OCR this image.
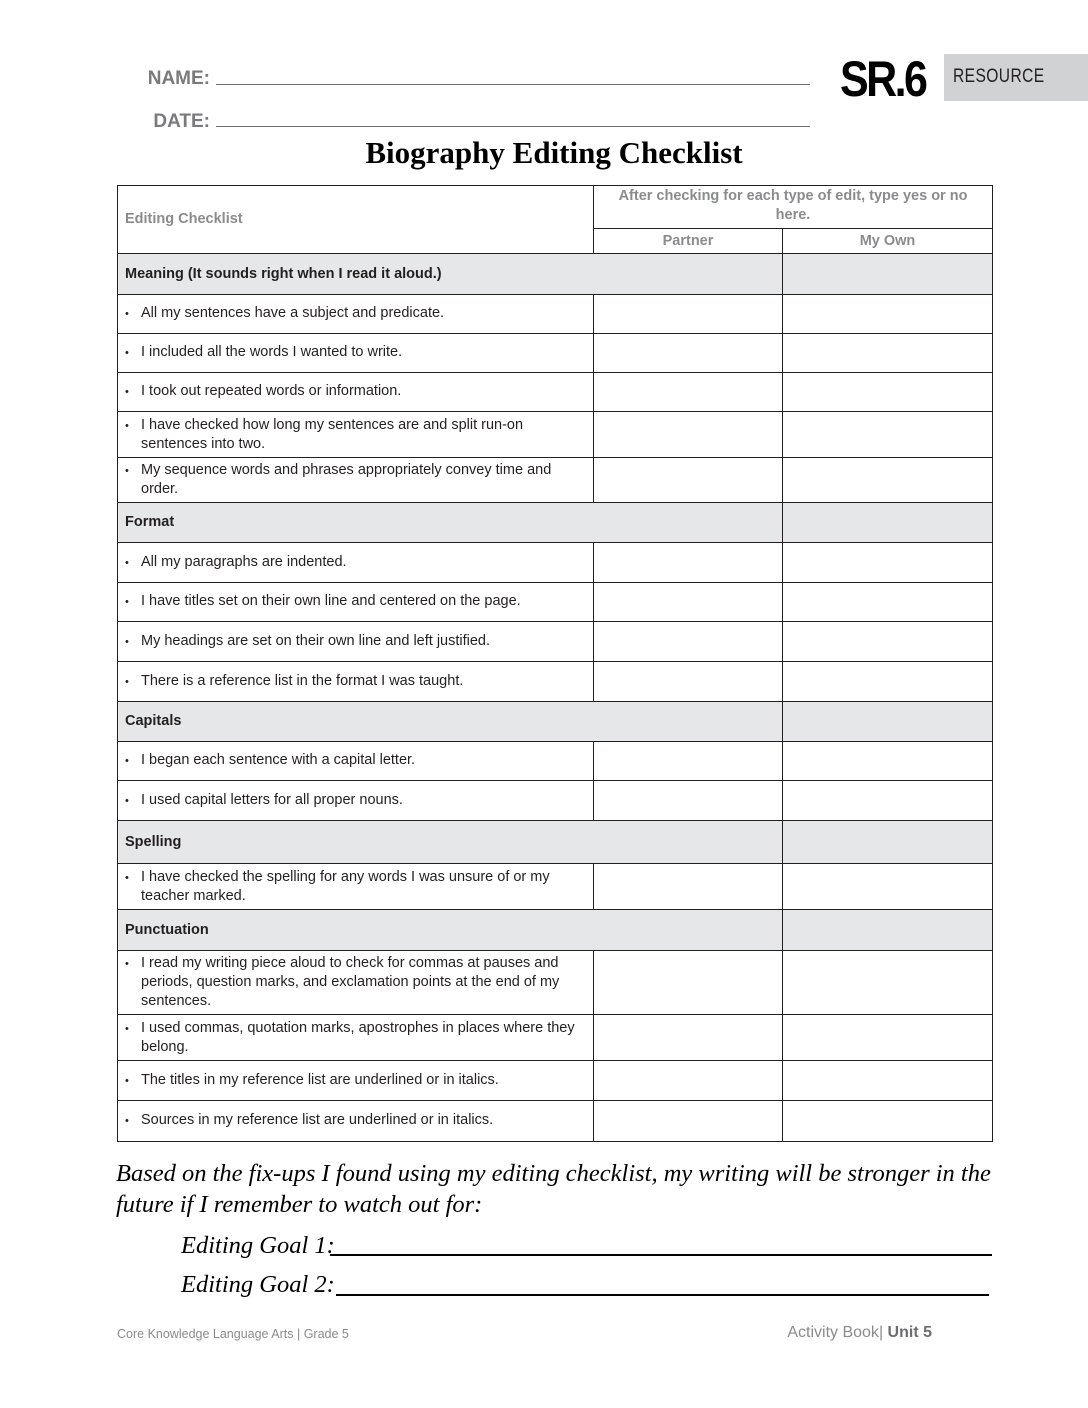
NAME:
DATE:
SR.6 RESOURCE
Biography Editing Checklist
Editing Checklist	After checking for each type of edit, type yes or no here.	
	Partner	My Own
Meaning (It sounds right when I read it aloud.)		

• All my sentences have a subject and predicate.		

• I included all the words I wanted to write.		

• I took out repeated words or information.		

• I have checked how long my sentences are and split run-on sentences into two.		

• My sequence words and phrases appropriately convey time and order.		

Format		

• All my paragraphs are indented.		

• I have titles set on their own line and centered on the page.		

• My headings are set on their own line and left justified.		

• There is a reference list in the format I was taught.		

Capitals		

• I began each sentence with a capital letter.		

• I used capital letters for all proper nouns.		

Spelling		

• I have checked the spelling for any words I was unsure of or my teacher marked.		

Punctuation		

• I read my writing piece aloud to check for commas at pauses and periods, question marks, and exclamation points at the end of my sentences.		

• I used commas, quotation marks, apostrophes in places where they belong.		

• The titles in my reference list are underlined or in italics.		

• Sources in my reference list are underlined or in italics.		

Based on the fix-ups I found using my editing checklist, my writing will be stronger in the future if I remember to watch out for:
Editing Goal 1:
Editing Goal 2:
Core Knowledge Language Arts | Grade 5	Activity Book| Unit 5
